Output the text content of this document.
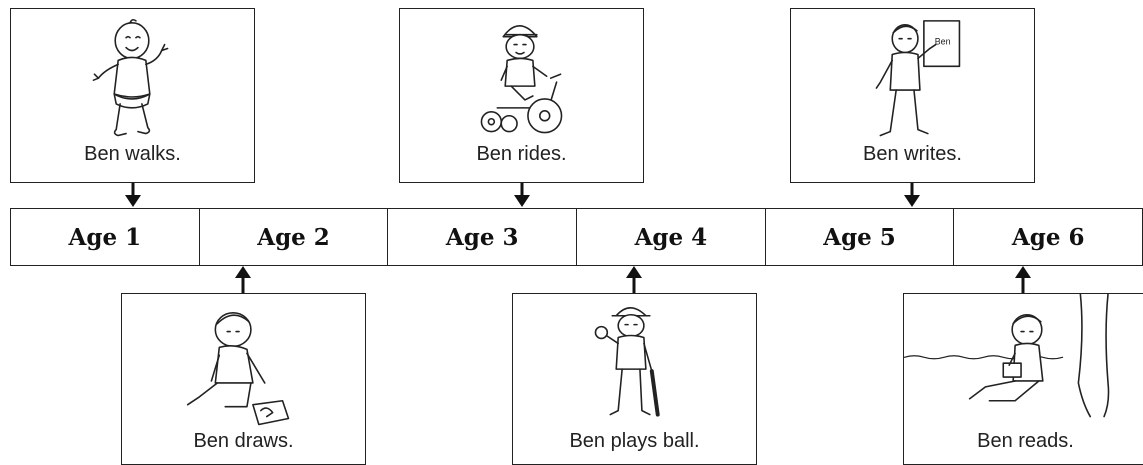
Ben walks.	Ben rides.
Ben
Ben writes.
Age 1	Age 2	Age 3	Age 4	Age 5	Age 6
Ben draws.	Ben plays ball.	Ben reads.
